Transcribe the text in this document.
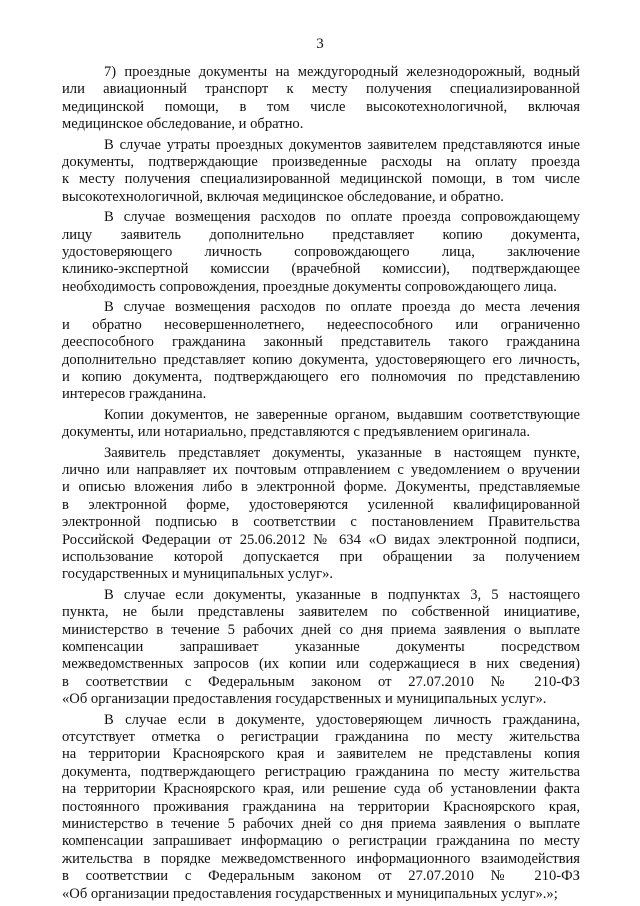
3
7) проездные документы на междугородный железнодорожный, водный
или авиационный транспорт к месту получения специализированной
медицинской помощи, в том числе высокотехнологичной, включая
медицинское обследование, и обратно.
В случае утраты проездных документов заявителем представляются иные
документы, подтверждающие произведенные расходы на оплату проезда
к месту получения специализированной медицинской помощи, в том числе
высокотехнологичной, включая медицинское обследование, и обратно.
В случае возмещения расходов по оплате проезда сопровождающему
лицу заявитель дополнительно представляет копию документа,
удостоверяющего личность сопровождающего лица, заключение
клинико-экспертной комиссии (врачебной комиссии), подтверждающее
необходимость сопровождения, проездные документы сопровождающего лица.
В случае возмещения расходов по оплате проезда до места лечения
и обратно несовершеннолетнего, недееспособного или ограниченно
дееспособного гражданина законный представитель такого гражданина
дополнительно представляет копию документа, удостоверяющего его личность,
и копию документа, подтверждающего его полномочия по представлению
интересов гражданина.
Копии документов, не заверенные органом, выдавшим соответствующие
документы, или нотариально, представляются с предъявлением оригинала.
Заявитель представляет документы, указанные в настоящем пункте,
лично или направляет их почтовым отправлением с уведомлением о вручении
и описью вложения либо в электронной форме. Документы, представляемые
в электронной форме, удостоверяются усиленной квалифицированной
электронной подписью в соответствии с постановлением Правительства
Российской Федерации от 25.06.2012 № 634 «О видах электронной подписи,
использование которой допускается при обращении за получением
государственных и муниципальных услуг».
В случае если документы, указанные в подпунктах 3, 5 настоящего
пункта, не были представлены заявителем по собственной инициативе,
министерство в течение 5 рабочих дней со дня приема заявления о выплате
компенсации запрашивает указанные документы посредством
межведомственных запросов (их копии или содержащиеся в них сведения)
в соответствии с Федеральным законом от 27.07.2010 № 210-ФЗ
«Об организации предоставления государственных и муниципальных услуг».
В случае если в документе, удостоверяющем личность гражданина,
отсутствует отметка о регистрации гражданина по месту жительства
на территории Красноярского края и заявителем не представлены копия
документа, подтверждающего регистрацию гражданина по месту жительства
на территории Красноярского края, или решение суда об установлении факта
постоянного проживания гражданина на территории Красноярского края,
министерство в течение 5 рабочих дней со дня приема заявления о выплате
компенсации запрашивает информацию о регистрации гражданина по месту
жительства в порядке межведомственного информационного взаимодействия
в соответствии с Федеральным законом от 27.07.2010 № 210-ФЗ
«Об организации предоставления государственных и муниципальных услуг».»;
